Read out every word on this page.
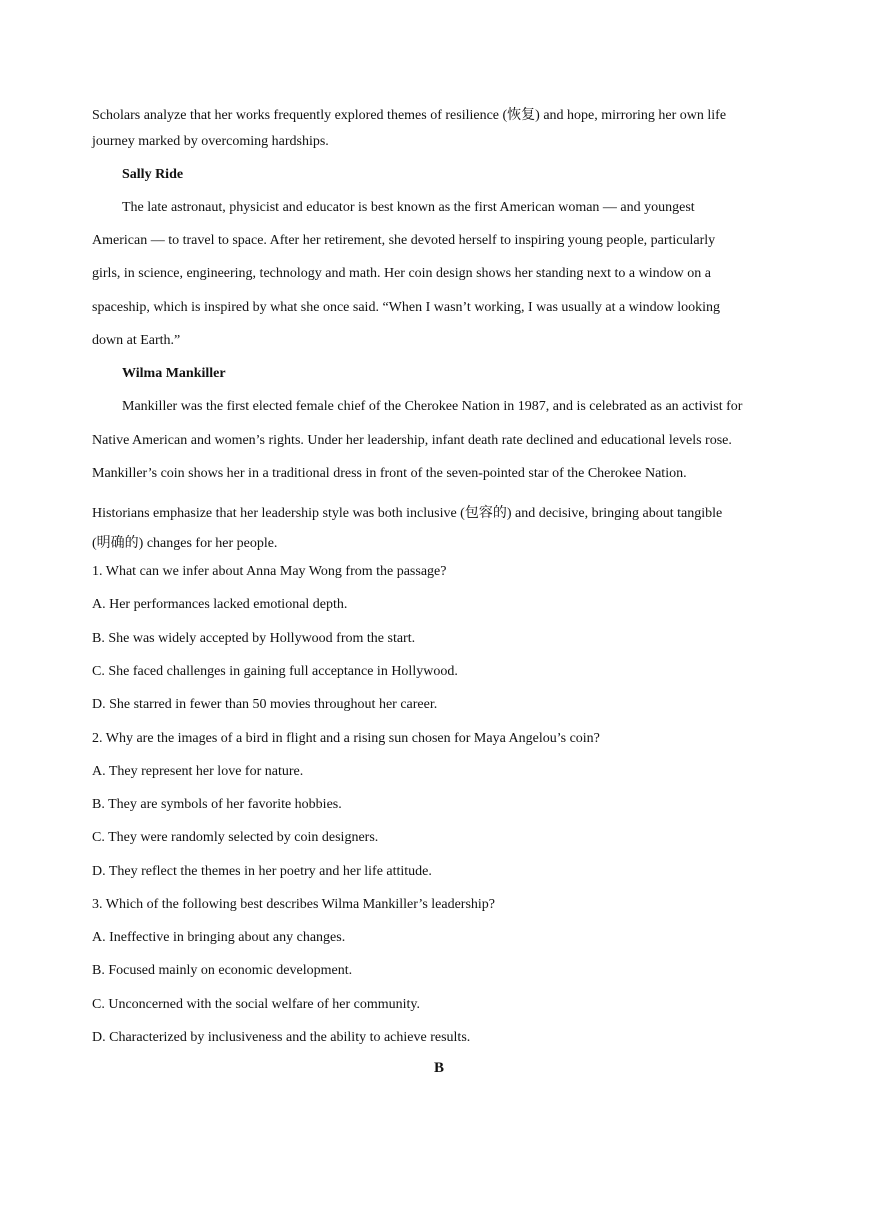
Scholars analyze that her works frequently explored themes of resilience (恢复) and hope, mirroring her own life
journey marked by overcoming hardships.
Sally Ride
The late astronaut, physicist and educator is best known as the first American woman — and youngest
American — to travel to space. After her retirement, she devoted herself to inspiring young people, particularly
girls, in science, engineering, technology and math. Her coin design shows her standing next to a window on a
spaceship, which is inspired by what she once said. “When I wasn’t working, I was usually at a window looking
down at Earth.”
Wilma Mankiller
Mankiller was the first elected female chief of the Cherokee Nation in 1987, and is celebrated as an activist for
Native American and women’s rights. Under her leadership, infant death rate declined and educational levels rose.
Mankiller’s coin shows her in a traditional dress in front of the seven-pointed star of the Cherokee Nation.
Historians emphasize that her leadership style was both inclusive (包容的) and decisive, bringing about tangible
(明确的) changes for her people.
1. What can we infer about Anna May Wong from the passage?
A. Her performances lacked emotional depth.
B. She was widely accepted by Hollywood from the start.
C. She faced challenges in gaining full acceptance in Hollywood.
D. She starred in fewer than 50 movies throughout her career.
2. Why are the images of a bird in flight and a rising sun chosen for Maya Angelou’s coin?
A. They represent her love for nature.
B. They are symbols of her favorite hobbies.
C. They were randomly selected by coin designers.
D. They reflect the themes in her poetry and her life attitude.
3. Which of the following best describes Wilma Mankiller’s leadership?
A. Ineffective in bringing about any changes.
B. Focused mainly on economic development.
C. Unconcerned with the social welfare of her community.
D. Characterized by inclusiveness and the ability to achieve results.
B
